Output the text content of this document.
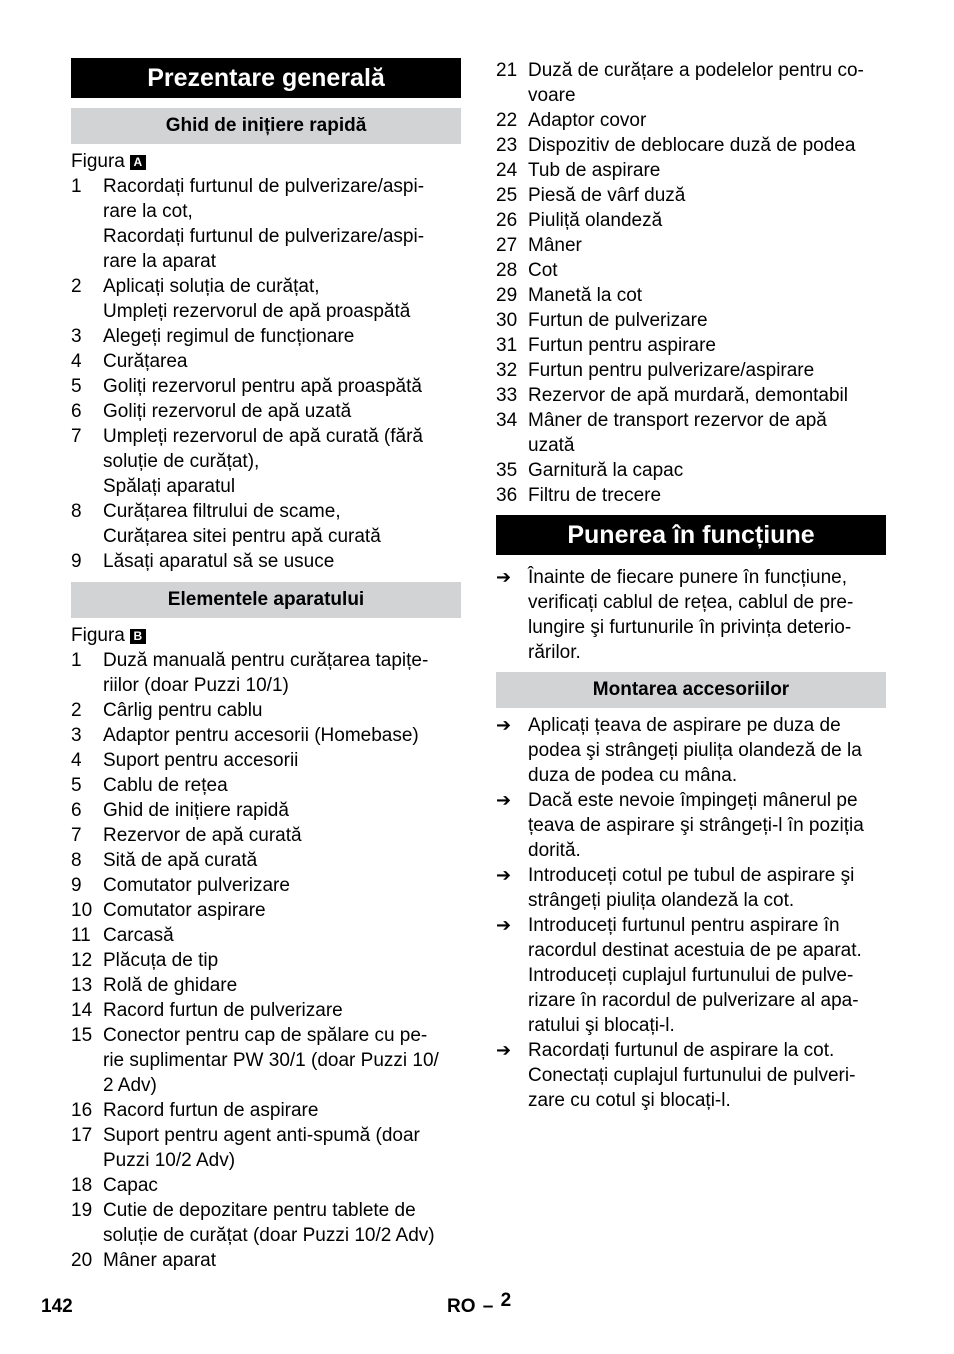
Prezentare generală
Ghid de inițiere rapidă
Figura A
1	Racordați furtunul de pulverizare/aspi-
rare la cot,
Racordați furtunul de pulverizare/aspi-
rare la aparat
2	Aplicați soluția de curățat,
Umpleți rezervorul de apă proaspătă
3	Alegeți regimul de funcționare
4	Curățarea
5	Goliți rezervorul pentru apă proaspătă
6	Goliți rezervorul de apă uzată
7	Umpleți rezervorul de apă curată (fără
soluție de curățat),
Spălați aparatul
8	Curățarea filtrului de scame,
Curățarea sitei pentru apă curată
9	Lăsați aparatul să se usuce
Elementele aparatului
Figura B
1	Duză manuală pentru curățarea tapițe-
riilor (doar Puzzi 10/1)
2	Cârlig pentru cablu
3	Adaptor pentru accesorii (Homebase)
4	Suport pentru accesorii
5	Cablu de rețea
6	Ghid de inițiere rapidă
7	Rezervor de apă curată
8	Sită de apă curată
9	Comutator pulverizare
10 Comutator aspirare
11 Carcasă
12 Plăcuța de tip
13 Rolă de ghidare
14 Racord furtun de pulverizare
15 Conector pentru cap de spălare cu pe-
rie suplimentar PW 30/1 (doar Puzzi 10/
2 Adv)
16 Racord furtun de aspirare
17 Suport pentru agent anti-spumă (doar
Puzzi 10/2 Adv)
18 Capac
19 Cutie de depozitare pentru tablete de
soluție de curățat (doar Puzzi 10/2 Adv)
20 Mâner aparat
21 Duză de curățare a podelelor pentru co-
voare
22 Adaptor covor
23 Dispozitiv de deblocare duză de podea
24 Tub de aspirare
25 Piesă de vârf duză
26 Piuliță olandeză
27 Mâner
28 Cot
29 Manetă la cot
30 Furtun de pulverizare
31 Furtun pentru aspirare
32 Furtun pentru pulverizare/aspirare
33 Rezervor de apă murdară, demontabil
34 Mâner de transport rezervor de apă
uzată
35 Garnitură la capac
36 Filtru de trecere
Punerea în funcțiune
➔ Înainte de fiecare punere în funcțiune,
verificați cablul de rețea, cablul de pre-
lungire şi furtunurile în privința deterio-
rărilor.
Montarea accesoriilor
➔ Aplicați țeava de aspirare pe duza de
podea şi strângeți piulița olandeză de la
duza de podea cu mâna.
➔ Dacă este nevoie împingeți mânerul pe
țeava de aspirare şi strângeți-l în poziția
dorită.
➔ Introduceți cotul pe tubul de aspirare şi
strângeți piulița olandeză la cot.
➔ Introduceți furtunul pentru aspirare în
racordul destinat acestuia de pe aparat.
Introduceți cuplajul furtunului de pulve-
rizare în racordul de pulverizare al apa-
ratului şi blocați-l.
➔ Racordați furtunul de aspirare la cot.
Conectați cuplajul furtunului de pulveri-
zare cu cotul şi blocați-l.
142	RO – 2
